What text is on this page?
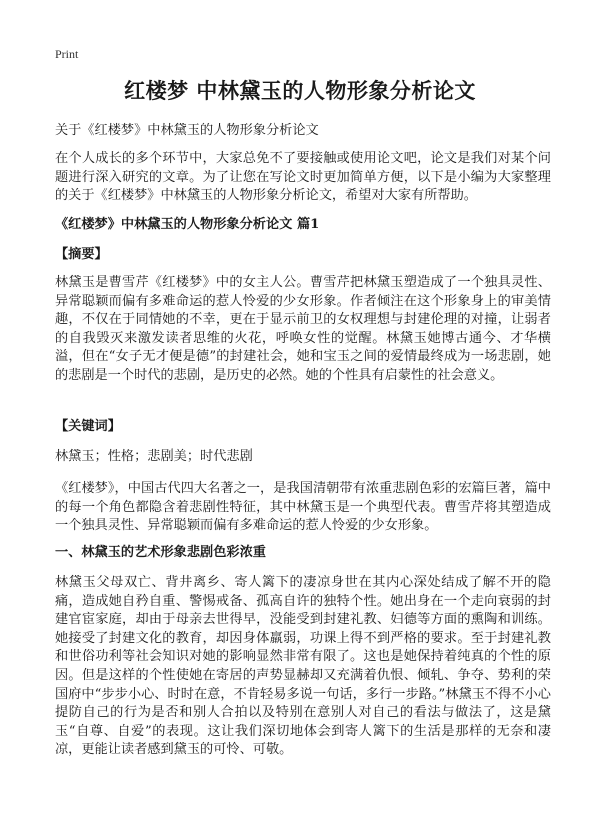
Print
红楼梦 中林黛玉的人物形象分析论文
关于《红楼梦》中林黛玉的人物形象分析论文
在个人成长的多个环节中，大家总免不了要接触或使用论文吧，论文是我们对某个问题进行深入研究的文章。为了让您在写论文时更加简单方便，以下是小编为大家整理的关于《红楼梦》中林黛玉的人物形象分析论文，希望对大家有所帮助。
《红楼梦》中林黛玉的人物形象分析论文 篇1
【摘要】
林黛玉是曹雪芹《红楼梦》中的女主人公。曹雪芹把林黛玉塑造成了一个独具灵性、异常聪颖而偏有多难命运的惹人怜爱的少女形象。作者倾注在这个形象身上的审美情趣，不仅在于同情她的不幸，更在于显示前卫的女权理想与封建伦理的对撞，让弱者的自我毁灭来激发读者思维的火花，呼唤女性的觉醒。林黛玉她博古通今、才华横溢，但在“女子无才便是德”的封建社会，她和宝玉之间的爱情最终成为一场悲剧，她的悲剧是一个时代的悲剧，是历史的必然。她的个性具有启蒙性的社会意义。
【关键词】
林黛玉；性格；悲剧美；时代悲剧
《红楼梦》，中国古代四大名著之一，是我国清朝带有浓重悲剧色彩的宏篇巨著，篇中的每一个角色都隐含着悲剧性特征，其中林黛玉是一个典型代表。曹雪芹将其塑造成一个独具灵性、异常聪颖而偏有多难命运的惹人怜爱的少女形象。
一、林黛玉的艺术形象悲剧色彩浓重
林黛玉父母双亡、背井离乡、寄人篱下的凄凉身世在其内心深处结成了解不开的隐痛，造成她自矜自重、警惕戒备、孤高自许的独特个性。她出身在一个走向衰弱的封建官宦家庭，却由于母亲去世得早，没能受到封建礼教、妇德等方面的熏陶和训练。她接受了封建文化的教育，却因身体羸弱，功课上得不到严格的要求。至于封建礼教和世俗功利等社会知识对她的影响显然非常有限了。这也是她保持着纯真的个性的原因。但是这样的个性使她在寄居的声势显赫却又充满着仇恨、倾轧、争夺、势利的荣国府中“步步小心、时时在意，不肯轻易多说一句话，多行一步路。”林黛玉不得不小心提防自己的行为是否和别人合拍以及特别在意别人对自己的看法与做法了，这是黛玉“自尊、自爱”的表现。这让我们深切地体会到寄人篱下的生活是那样的无奈和凄凉，更能让读者感到黛玉的可怜、可敬。
